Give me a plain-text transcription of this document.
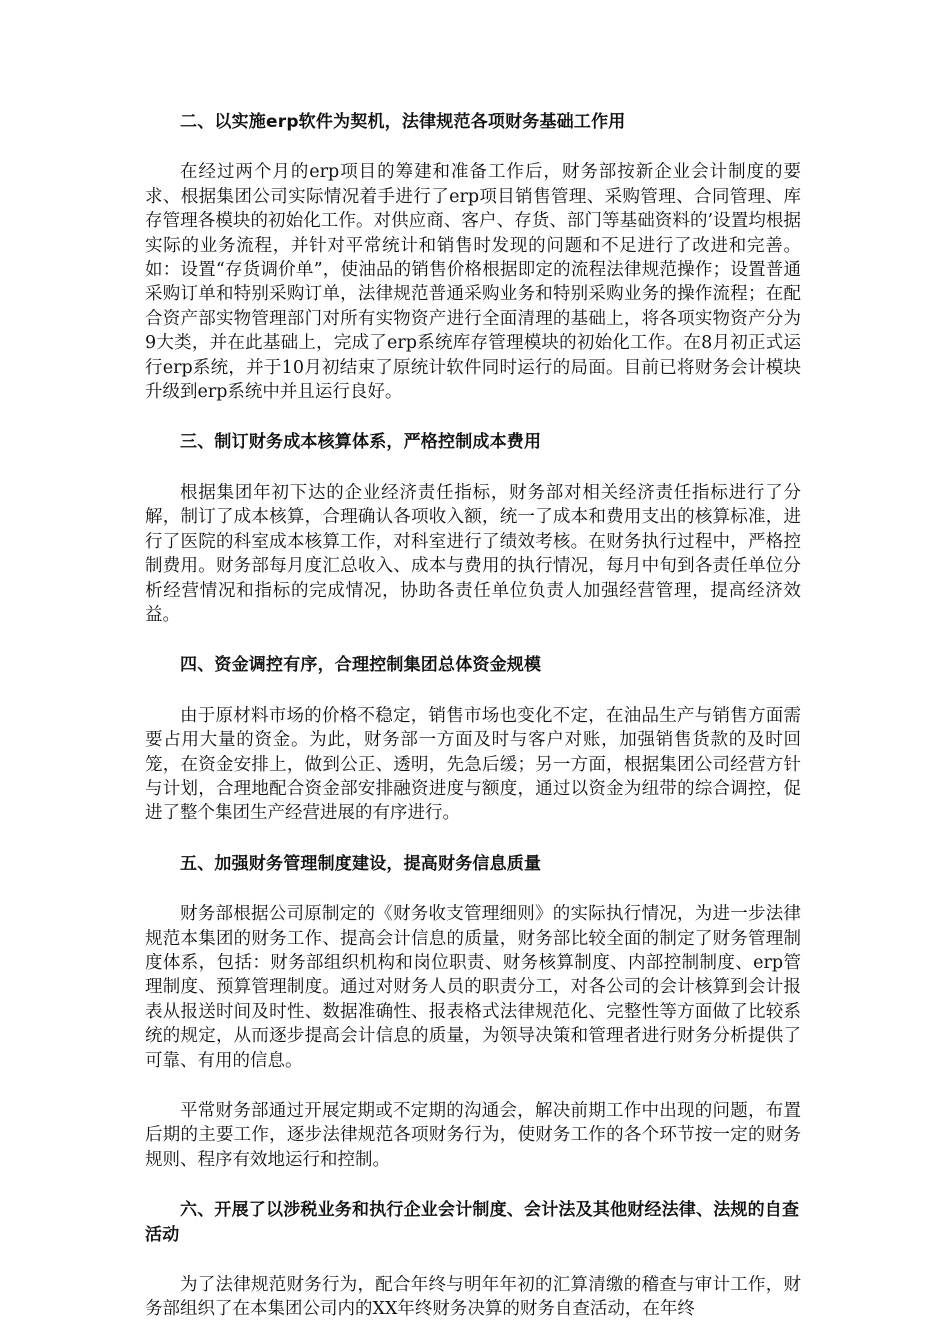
二、以实施erp软件为契机，法律规范各项财务基础工作用

在经过两个月的erp项目的筹建和准备工作后，财务部按新企业会计制度的要求、根据集团公司实际情况着手进行了erp项目销售管理、采购管理、合同管理、库存管理各模块的初始化工作。对供应商、客户、存货、部门等基础资料的’设置均根据实际的业务流程，并针对平常统计和销售时发现的问题和不足进行了改进和完善。如：设置“存货调价单”，使油品的销售价格根据即定的流程法律规范操作；设置普通采购订单和特别采购订单，法律规范普通采购业务和特别采购业务的操作流程；在配合资产部实物管理部门对所有实物资产进行全面清理的基础上，将各项实物资产分为9大类，并在此基础上，完成了erp系统库存管理模块的初始化工作。在8月初正式运行erp系统，并于10月初结束了原统计软件同时运行的局面。目前已将财务会计模块升级到erp系统中并且运行良好。

三、制订财务成本核算体系，严格控制成本费用

根据集团年初下达的企业经济责任指标，财务部对相关经济责任指标进行了分解，制订了成本核算，合理确认各项收入额，统一了成本和费用支出的核算标准，进行了医院的科室成本核算工作，对科室进行了绩效考核。在财务执行过程中，严格控制费用。财务部每月度汇总收入、成本与费用的执行情况，每月中旬到各责任单位分析经营情况和指标的完成情况，协助各责任单位负责人加强经营管理，提高经济效益。

四、资金调控有序，合理控制集团总体资金规模

由于原材料市场的价格不稳定，销售市场也变化不定，在油品生产与销售方面需要占用大量的资金。为此，财务部一方面及时与客户对账，加强销售货款的及时回笼，在资金安排上，做到公正、透明，先急后缓；另一方面，根据集团公司经营方针与计划，合理地配合资金部安排融资进度与额度，通过以资金为纽带的综合调控，促进了整个集团生产经营进展的有序进行。

五、加强财务管理制度建设，提高财务信息质量

财务部根据公司原制定的《财务收支管理细则》的实际执行情况，为进一步法律规范本集团的财务工作、提高会计信息的质量，财务部比较全面的制定了财务管理制度体系，包括：财务部组织机构和岗位职责、财务核算制度、内部控制制度、erp管理制度、预算管理制度。通过对财务人员的职责分工，对各公司的会计核算到会计报表从报送时间及时性、数据准确性、报表格式法律规范化、完整性等方面做了比较系统的规定，从而逐步提高会计信息的质量，为领导决策和管理者进行财务分析提供了可靠、有用的信息。

平常财务部通过开展定期或不定期的沟通会，解决前期工作中出现的问题，布置后期的主要工作，逐步法律规范各项财务行为，使财务工作的各个环节按一定的财务规则、程序有效地运行和控制。

六、开展了以涉税业务和执行企业会计制度、会计法及其他财经法律、法规的自查活动

为了法律规范财务行为，配合年终与明年年初的汇算清缴的稽查与审计工作，财务部组织了在本集团公司内的XX年终财务决算的财务自查活动，在年终
